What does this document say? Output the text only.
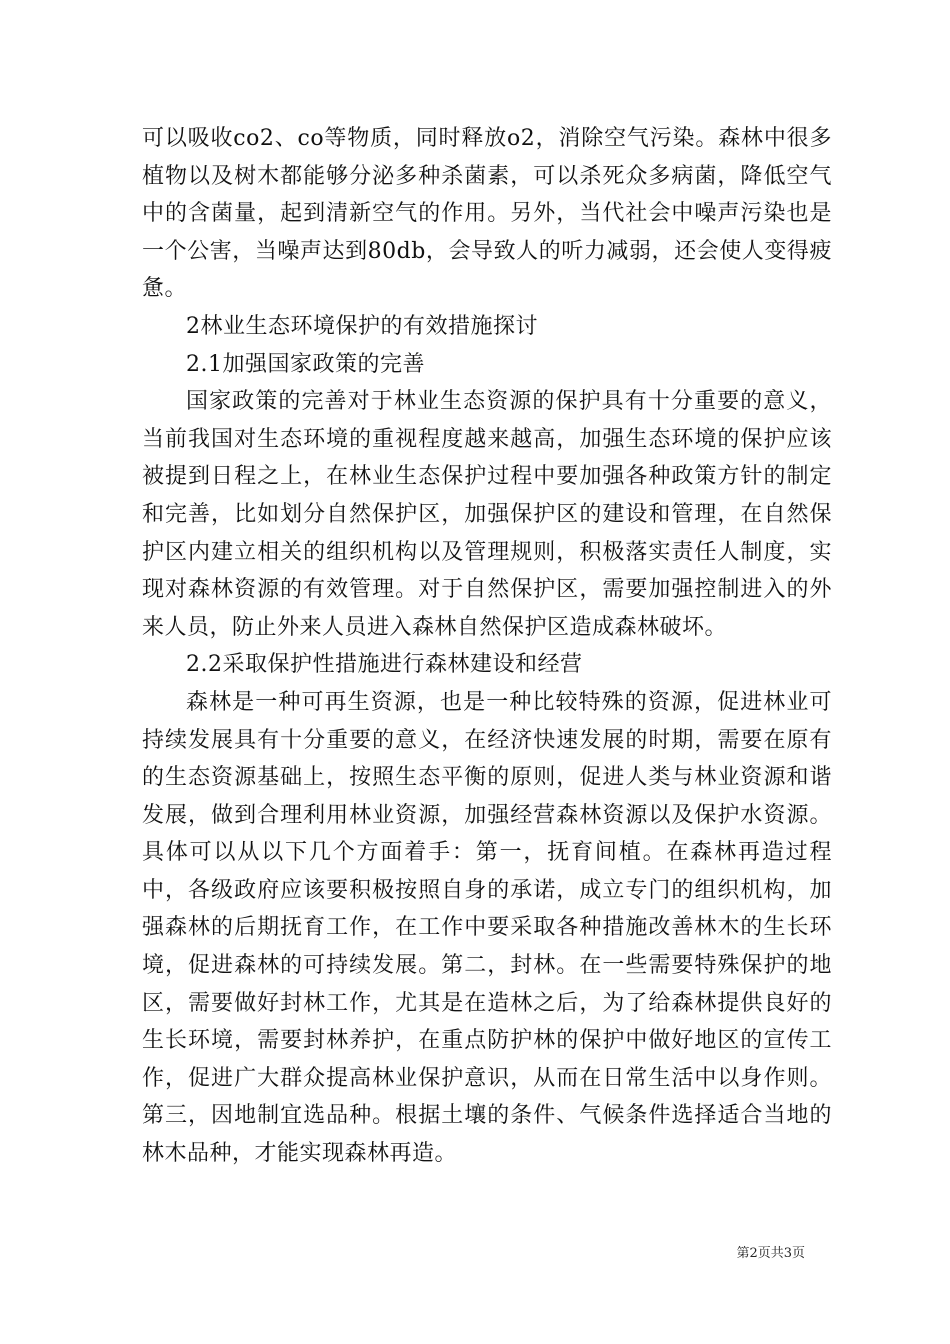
可以吸收co2、co等物质，同时释放o2，消除空气污染。森林中很多植物以及树木都能够分泌多种杀菌素，可以杀死众多病菌，降低空气中的含菌量，起到清新空气的作用。另外，当代社会中噪声污染也是一个公害，当噪声达到80db，会导致人的听力减弱，还会使人变得疲惫。

2林业生态环境保护的有效措施探讨

2.1加强国家政策的完善

国家政策的完善对于林业生态资源的保护具有十分重要的意义，当前我国对生态环境的重视程度越来越高，加强生态环境的保护应该被提到日程之上，在林业生态保护过程中要加强各种政策方针的制定和完善，比如划分自然保护区，加强保护区的建设和管理，在自然保护区内建立相关的组织机构以及管理规则，积极落实责任人制度，实现对森林资源的有效管理。对于自然保护区，需要加强控制进入的外来人员，防止外来人员进入森林自然保护区造成森林破坏。

2.2采取保护性措施进行森林建设和经营

森林是一种可再生资源，也是一种比较特殊的资源，促进林业可持续发展具有十分重要的意义，在经济快速发展的时期，需要在原有的生态资源基础上，按照生态平衡的原则，促进人类与林业资源和谐发展，做到合理利用林业资源，加强经营森林资源以及保护水资源。具体可以从以下几个方面着手：第一，抚育间植。在森林再造过程中，各级政府应该要积极按照自身的承诺，成立专门的组织机构，加强森林的后期抚育工作，在工作中要采取各种措施改善林木的生长环境，促进森林的可持续发展。第二，封林。在一些需要特殊保护的地区，需要做好封林工作，尤其是在造林之后，为了给森林提供良好的生长环境，需要封林养护，在重点防护林的保护中做好地区的宣传工作，促进广大群众提高林业保护意识，从而在日常生活中以身作则。第三，因地制宜选品种。根据土壤的条件、气候条件选择适合当地的林木品种，才能实现森林再造。

第2页共3页
